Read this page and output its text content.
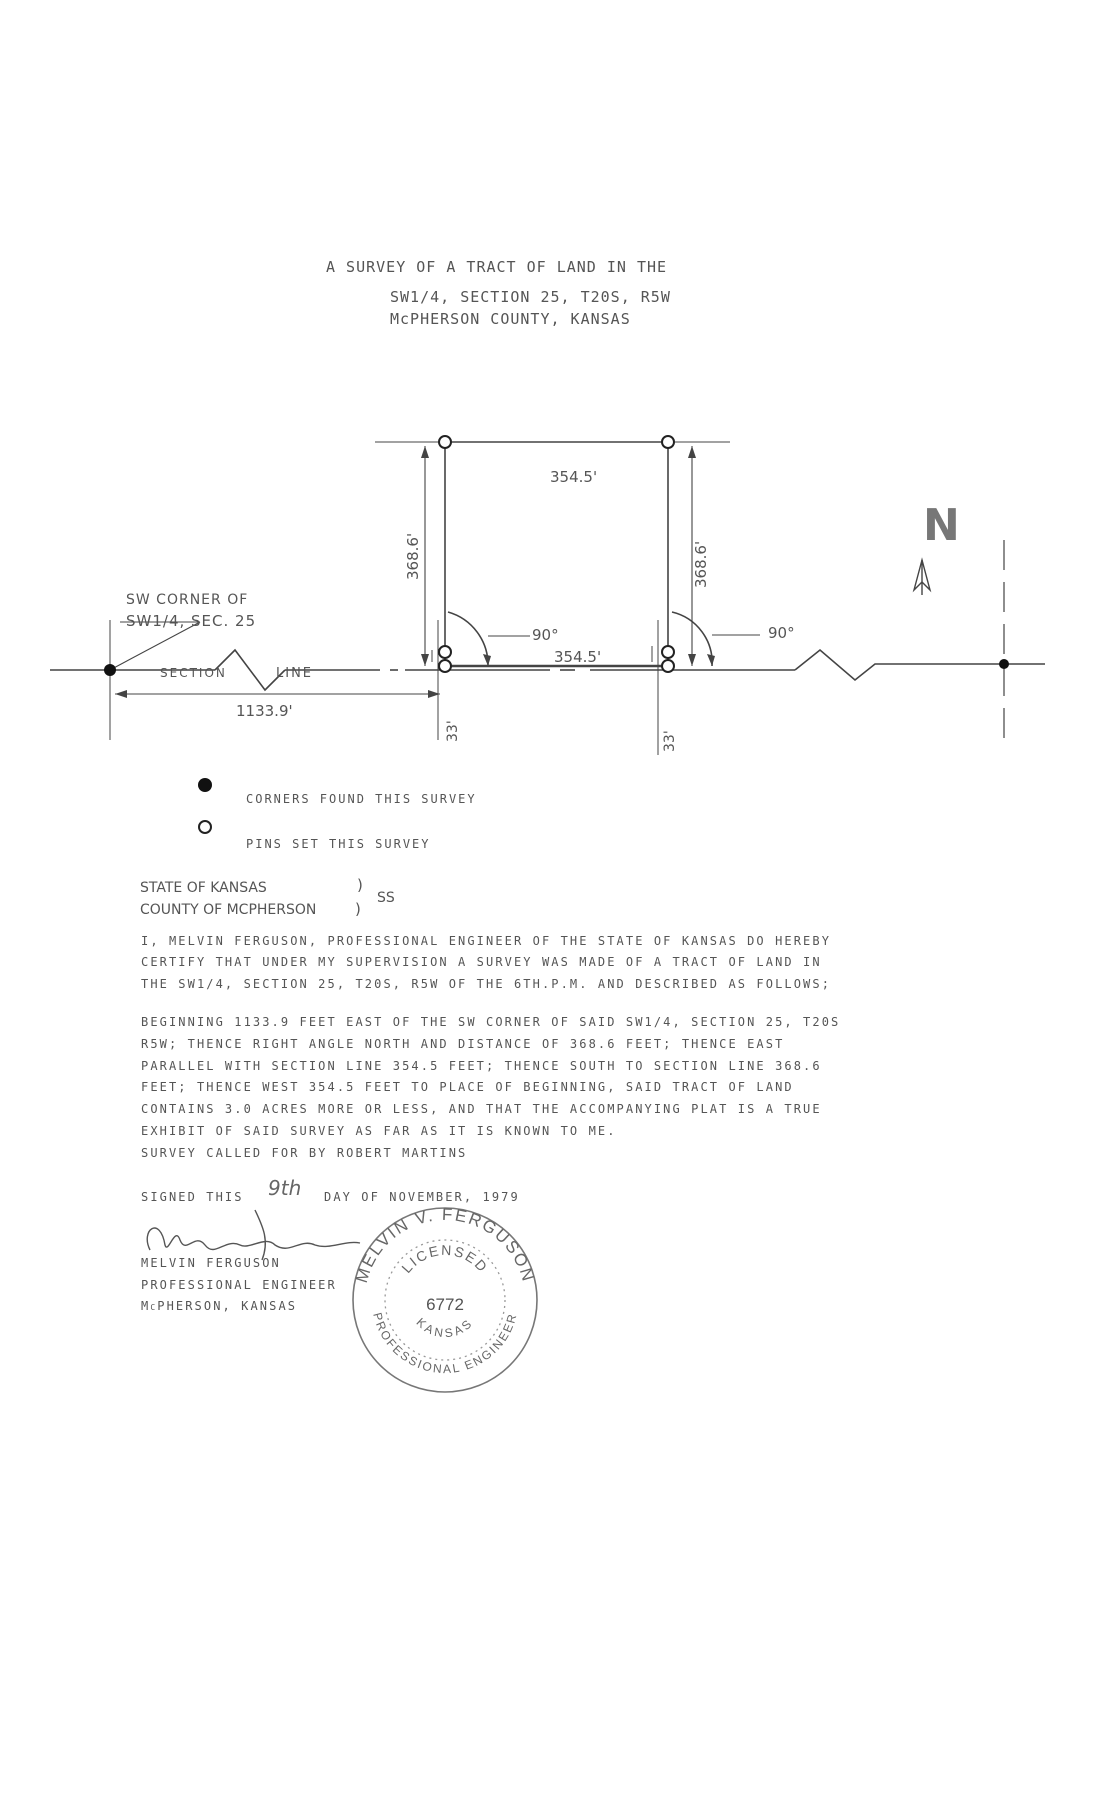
A SURVEY OF A TRACT OF LAND IN THE
SW1/4, SECTION 25, T20S, R5W
McPHERSON COUNTY, KANSAS
MELVIN V. FERGUSON
PROFESSIONAL ENGINEER
LICENSED
KANSAS
6772
N
354.5'
354.5'
368.6'	368.6'
90°	90°
33'	33'
SW CORNER OF
SW1/4, SEC. 25
SECTION	LINE
1133.9'
CORNERS FOUND THIS SURVEY
PINS SET THIS SURVEY
STATE OF KANSAS
COUNTY OF MCPHERSON
)
)
SS
I, MELVIN FERGUSON, PROFESSIONAL ENGINEER OF THE STATE OF KANSAS DO HEREBY
CERTIFY THAT UNDER MY SUPERVISION A SURVEY WAS MADE OF A TRACT OF LAND IN
THE SW1/4, SECTION 25, T20S, R5W OF THE 6TH.P.M. AND DESCRIBED AS FOLLOWS;
BEGINNING 1133.9 FEET EAST OF THE SW CORNER OF SAID SW1/4, SECTION 25, T20S
R5W; THENCE RIGHT ANGLE NORTH AND DISTANCE OF 368.6 FEET; THENCE EAST
PARALLEL WITH SECTION LINE 354.5 FEET; THENCE SOUTH TO SECTION LINE 368.6
FEET; THENCE WEST 354.5 FEET TO PLACE OF BEGINNING, SAID TRACT OF LAND
CONTAINS 3.0 ACRES MORE OR LESS, AND THAT THE ACCOMPANYING PLAT IS A TRUE
EXHIBIT OF SAID SURVEY AS FAR AS IT IS KNOWN TO ME.
SURVEY CALLED FOR BY ROBERT MARTINS
SIGNED THIS 9th DAY OF NOVEMBER, 1979
MELVIN FERGUSON
PROFESSIONAL ENGINEER
McPHERSON, KANSAS
